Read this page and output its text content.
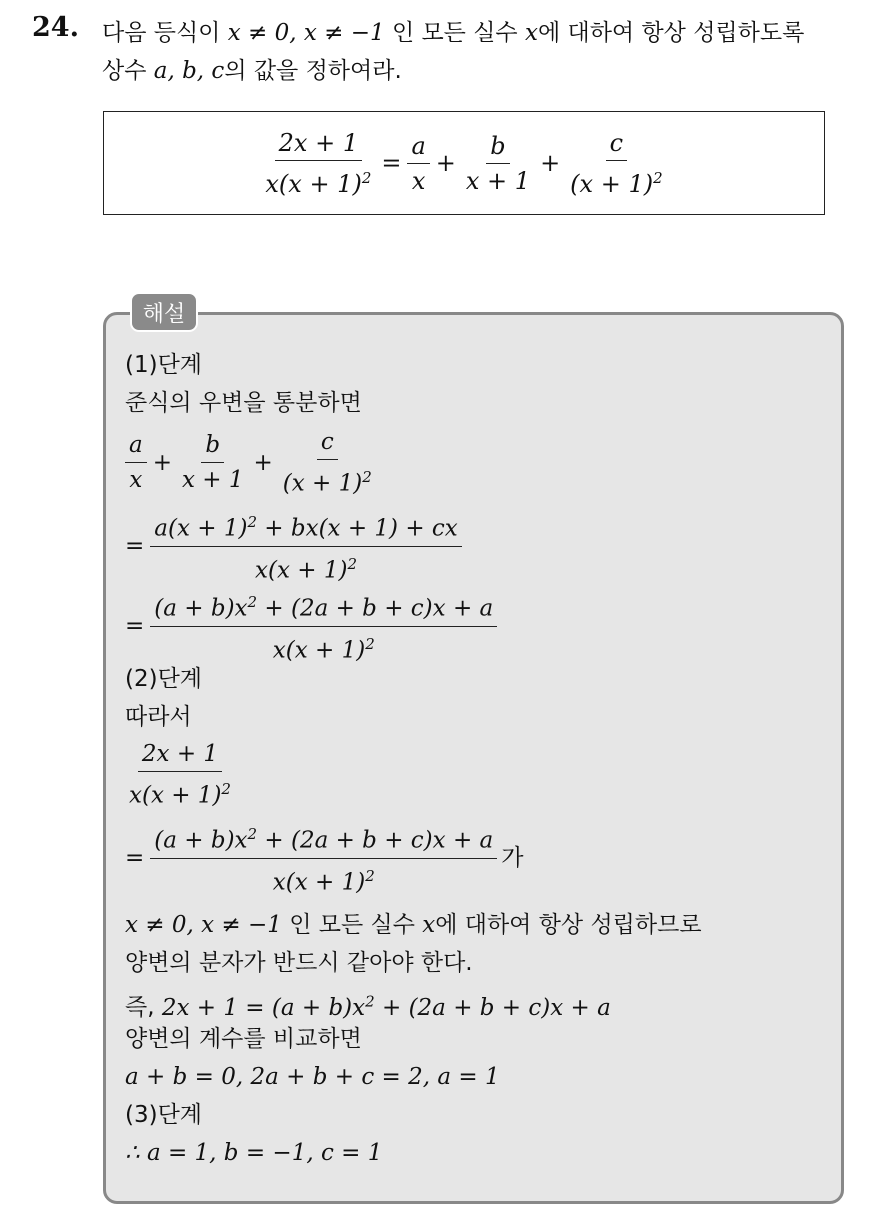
24. 다음 등식이 x ≠ 0, x ≠ −1 인 모든 실수 x에 대하여 항상 성립하도록
상수 a, b, c의 값을 정하여라.
$\frac{2x + 1}{x(x + 1)^2} = \frac{a}{x} + \frac{b}{x + 1} + \frac{c}{(x + 1)^2}$
해설
(1)단계
준식의 우변을 통분하면
$\frac{a}{x} + \frac{b}{x + 1} + \frac{c}{(x + 1)^2}$
= $\frac{a(x + 1)^2 + bx(x + 1) + cx}{x(x + 1)^2}$
= $\frac{(a + b)x^2 + (2a + b + c)x + a}{x(x + 1)^2}$
(2)단계
따라서
$\frac{2x + 1}{x(x + 1)^2}$
= $\frac{(a + b)x^2 + (2a + b + c)x + a}{x(x + 1)^2}$ 가
x ≠ 0, x ≠ −1 인 모든 실수 x에 대하여 항상 성립하므로
양변의 분자가 반드시 같아야 한다.
즉, $2x + 1 = (a + b)x^2 + (2a + b + c)x + a$
양변의 계수를 비교하면
a + b = 0, 2a + b + c = 2, a = 1
(3)단계
∴ a = 1, b = −1, c = 1
